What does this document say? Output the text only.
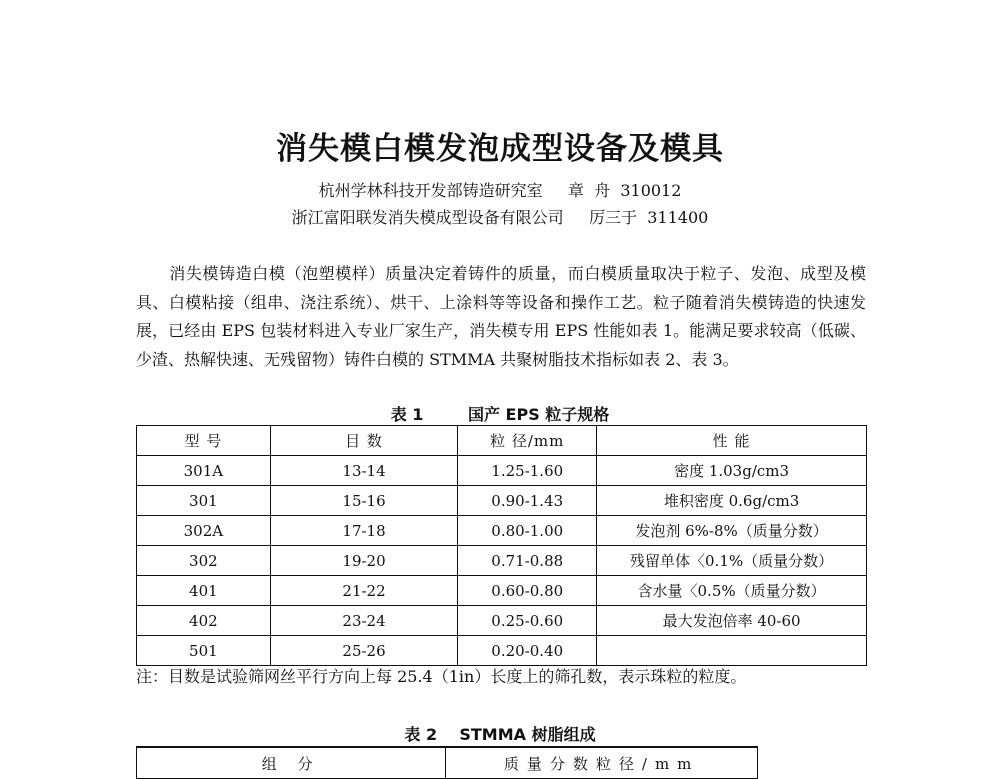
消失模白模发泡成型设备及模具

杭州学林科技开发部铸造研究室     章  舟  310012

浙江富阳联发消失模成型设备有限公司     厉三于  311400

　　消失模铸造白模（泡塑模样）质量决定着铸件的质量，而白模质量取决于粒子、发泡、成型及模具、白模粘接（组串、浇注系统）、烘干、上涂料等等设备和操作工艺。粒子随着消失模铸造的快速发展，已经由 EPS 包装材料进入专业厂家生产，消失模专用 EPS 性能如表 1。能满足要求较高（低碳、少渣、热解快速、无残留物）铸件白模的 STMMA 共聚树脂技术指标如表 2、表 3。

表 1        国产 EPS 粒子规格
型 号	目 数	粒 径/mm	性 能
301A	13-14	1.25-1.60	密度 1.03g/cm3
301	15-16	0.90-1.43	堆积密度 0.6g/cm3
302A	17-18	0.80-1.00	发泡剂 6%-8%（质量分数）
302	19-20	0.71-0.88	残留单体〈0.1%（质量分数）
401	21-22	0.60-0.80	含水量〈0.5%（质量分数）
402	23-24	0.25-0.60	最大发泡倍率 40-60
501	25-26	0.20-0.40	

注：目数是试验筛网丝平行方向上每 25.4（1in）长度上的筛孔数，表示珠粒的粒度。

表 2    STMMA 树脂组成
组 分	质量分数粒径/mm
